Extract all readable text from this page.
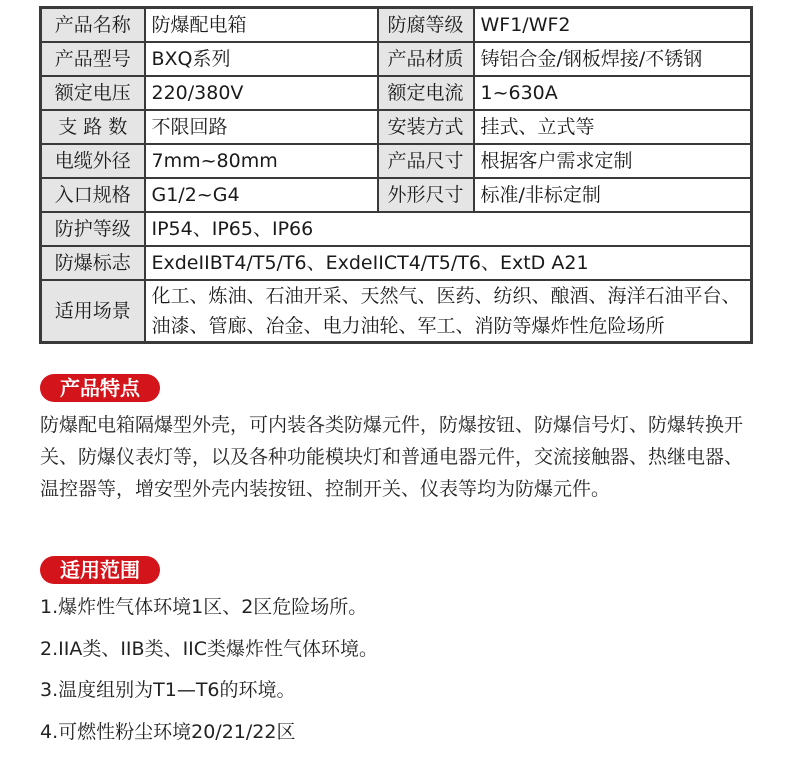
产品名称	防爆配电箱	防腐等级	WF1/WF2
产品型号	BXQ系列	产品材质	铸铝合金/钢板焊接/不锈钢
额定电压	220/380V	额定电流	1~630A
支 路 数	不限回路	安装方式	挂式、立式等
电缆外径	7mm~80mm	产品尺寸	根据客户需求定制
入口规格	G1/2~G4	外形尺寸	标准/非标定制
防护等级	IP54、IP65、IP66		
防爆标志	ExdeIIBT4/T5/T6、ExdeIICT4/T5/T6、ExtD A21		
适用场景	化工、炼油、石油开采、天然气、医药、纺织、酿酒、海洋石油平台、油漆、管廊、冶金、电力油轮、军工、消防等爆炸性危险场所		
产品特点

防爆配电箱隔爆型外壳，可内装各类防爆元件，防爆按钮、防爆信号灯、防爆转换开关、防爆仪表灯等，以及各种功能模块灯和普通电器元件，交流接触器、热继电器、温控器等，增安型外壳内装按钮、控制开关、仪表等均为防爆元件。

适用范围
1.爆炸性气体环境1区、2区危险场所。
2.IIA类、IIB类、IIC类爆炸性气体环境。
3.温度组别为T1—T6的环境。
4.可燃性粉尘环境20/21/22区
